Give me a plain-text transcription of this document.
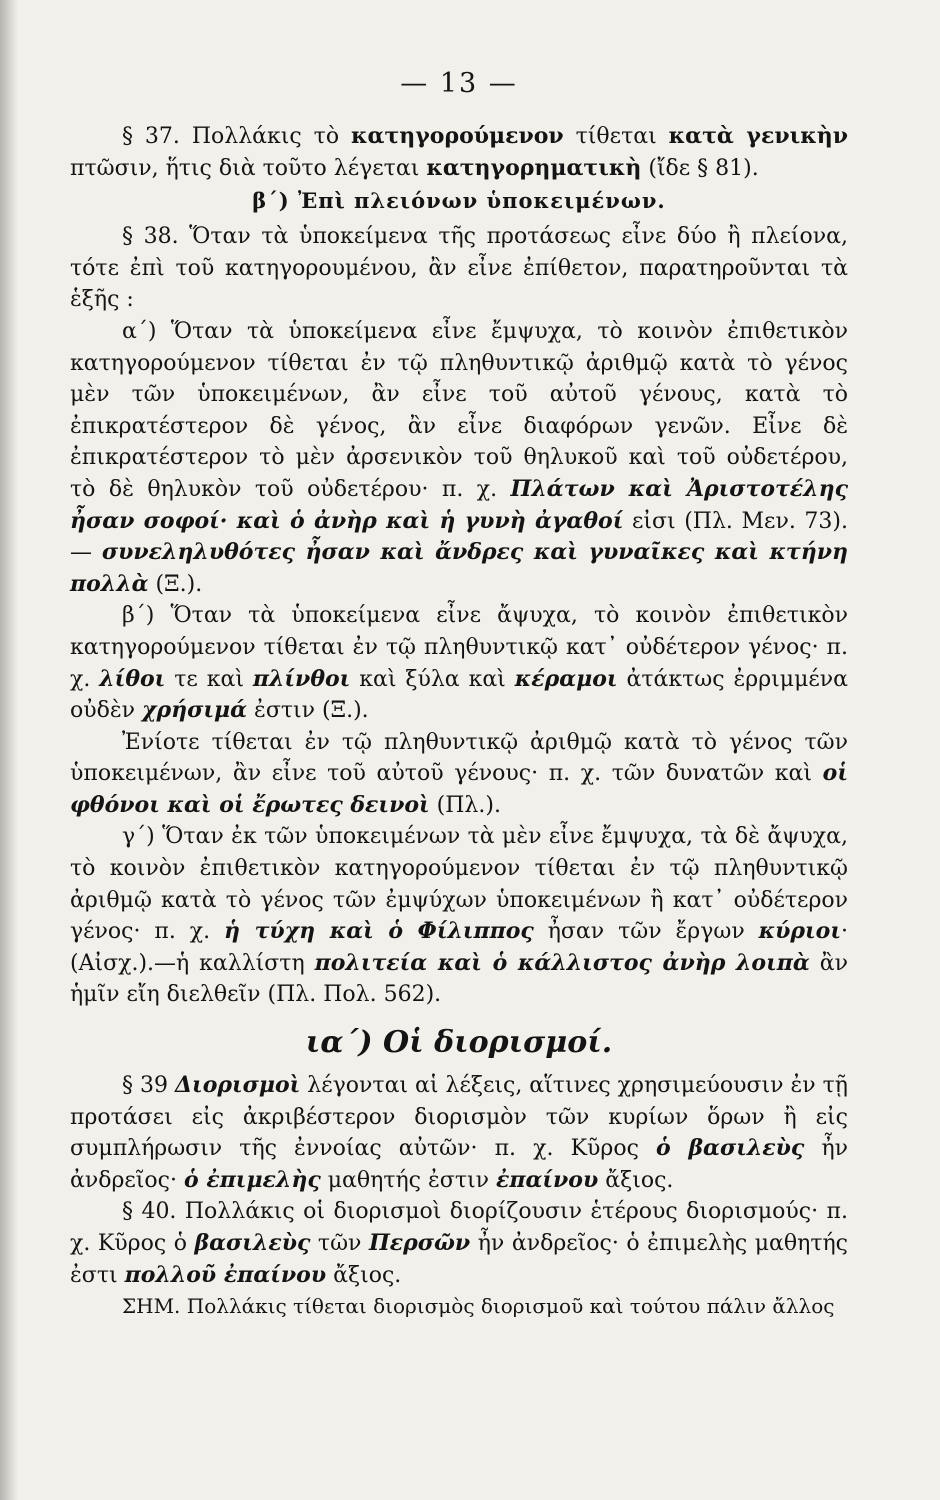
— 13 —

§ 37. Πολλάκις τὸ κατηγορούμενον τίθεται κατὰ γενικὴν πτῶσιν, ἥτις διὰ τοῦτο λέγεται κατηγορηματικὴ (ἴδε § 81).

β΄) Ἐπὶ πλειόνων ὑποκειμένων.

§ 38. Ὅταν τὰ ὑποκείμενα τῆς προτάσεως εἶνε δύο ἢ πλείονα, τότε ἐπὶ τοῦ κατηγορουμένου, ἂν εἶνε ἐπίθετον, παρατηροῦνται τὰ ἑξῆς :

α΄) Ὅταν τὰ ὑποκείμενα εἶνε ἔμψυχα, τὸ κοινὸν ἐπιθετικὸν κατηγορούμενον τίθεται ἐν τῷ πληθυντικῷ ἀριθμῷ κατὰ τὸ γένος μὲν τῶν ὑποκειμένων, ἂν εἶνε τοῦ αὐτοῦ γένους, κατὰ τὸ ἐπικρατέστερον δὲ γένος, ἂν εἶνε διαφόρων γενῶν. Εἶνε δὲ ἐπικρατέστερον τὸ μὲν ἀρσενικὸν τοῦ θηλυκοῦ καὶ τοῦ οὐδετέρου, τὸ δὲ θηλυκὸν τοῦ οὐδετέρου· π. χ. Πλάτων καὶ Ἀριστοτέλης ἦσαν σοφοί· καὶ ὁ ἀνὴρ καὶ ἡ γυνὴ ἀγαθοί εἰσι (Πλ. Μεν. 73). — συνεληλυθότες ἦσαν καὶ ἄνδρες καὶ γυναῖκες καὶ κτήνη πολλὰ (Ξ.).

β΄) Ὅταν τὰ ὑποκείμενα εἶνε ἄψυχα, τὸ κοινὸν ἐπιθετικὸν κατηγορούμενον τίθεται ἐν τῷ πληθυντικῷ κατ᾽ οὐδέτερον γένος· π. χ. λίθοι τε καὶ πλίνθοι καὶ ξύλα καὶ κέραμοι ἀτάκτως ἐρριμμένα οὐδὲν χρήσιμά ἐστιν (Ξ.).

Ἐνίοτε τίθεται ἐν τῷ πληθυντικῷ ἀριθμῷ κατὰ τὸ γένος τῶν ὑποκειμένων, ἂν εἶνε τοῦ αὐτοῦ γένους· π. χ. τῶν δυνατῶν καὶ οἱ φθόνοι καὶ οἱ ἔρωτες δεινοὶ (Πλ.).

γ΄) Ὅταν ἐκ τῶν ὑποκειμένων τὰ μὲν εἶνε ἔμψυχα, τὰ δὲ ἄψυχα, τὸ κοινὸν ἐπιθετικὸν κατηγορούμενον τίθεται ἐν τῷ πληθυντικῷ ἀριθμῷ κατὰ τὸ γένος τῶν ἐμψύχων ὑποκειμένων ἢ κατ᾽ οὐδέτερον γένος· π. χ. ἡ τύχη καὶ ὁ Φίλιππος ἦσαν τῶν ἔργων κύριοι· (Αἰσχ.).—ἡ καλλίστη πολιτεία καὶ ὁ κάλλιστος ἀνὴρ λοιπὰ ἂν ἡμῖν εἴη διελθεῖν (Πλ. Πολ. 562).

ια΄) Οἱ διορισμοί.

§ 39 Διορισμοὶ λέγονται αἱ λέξεις, αἵτινες χρησιμεύουσιν ἐν τῇ προτάσει εἰς ἀκριβέστερον διορισμὸν τῶν κυρίων ὅρων ἢ εἰς συμπλήρωσιν τῆς ἐννοίας αὐτῶν· π. χ. Κῦρος ὁ βασιλεὺς ἦν ἀνδρεῖος· ὁ ἐπιμελὴς μαθητής ἐστιν ἐπαίνου ἄξιος.

§ 40. Πολλάκις οἱ διορισμοὶ διορίζουσιν ἑτέρους διορισμούς· π. χ. Κῦρος ὁ βασιλεὺς τῶν Περσῶν ἦν ἀνδρεῖος· ὁ ἐπιμελὴς μαθητής ἐστι πολλοῦ ἐπαίνου ἄξιος.

ΣΗΜ. Πολλάκις τίθεται διορισμὸς διορισμοῦ καὶ τούτου πάλιν ἄλλος
